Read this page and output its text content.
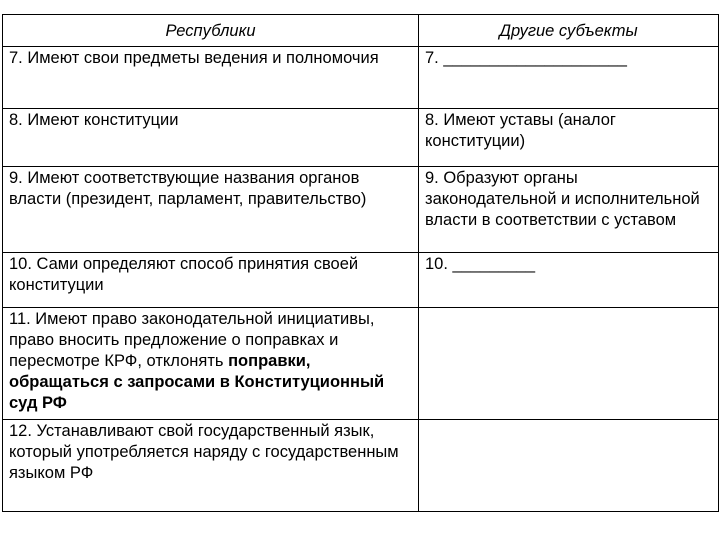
Республики	Другие субъекты
7. Имеют свои предметы ведения и полномочия	7. ____________________
8. Имеют конституции	8. Имеют уставы (аналог конституции)
9. Имеют соответствующие названия органов власти (президент, парламент, правительство)	9. Образуют органы законодательной и исполнительной власти в соответствии с уставом
10. Сами определяют способ принятия своей конституции	10. _________
11. Имеют право законодательной инициативы, право вносить предложение о поправках и пересмотре КРФ, отклонять поправки, обращаться с запросами в Конституционный суд РФ	
12. Устанавливают свой государственный язык, который употребляется наряду с государственным языком РФ	
